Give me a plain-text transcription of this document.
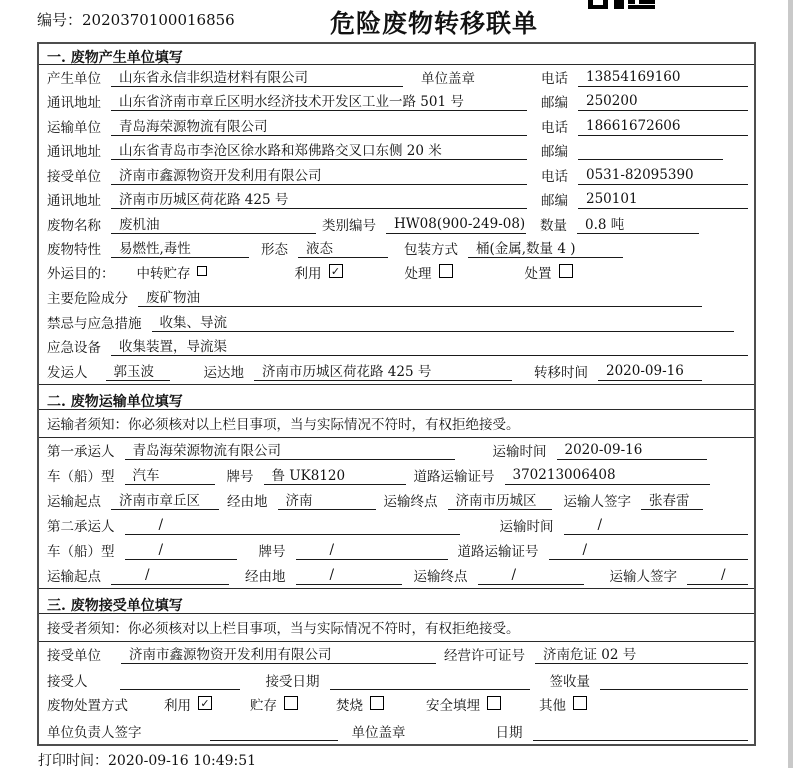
编号：2020370100016856	危险废物转移联单
一. 废物产生单位填写
产生单位	山东省永信非织造材料有限公司	单位盖章	电话	13854169160
通讯地址	山东省济南市章丘区明水经济技术开发区工业一路 501 号	邮编	250200
运输单位	青岛海荣源物流有限公司	电话	18661672606
通讯地址	山东省青岛市李沧区徐水路和郑佛路交叉口东侧 20 米	邮编
接受单位	济南市鑫源物资开发利用有限公司	电话	0531-82095390
通讯地址	济南市历城区荷花路 425 号	邮编	250101
废物名称	废机油	类别编号	HW08(900-249-08) 数量	0.8 吨
废物特性	易燃性,毒性	形态	液态	包装方式	桶(金属,数量 4 )
外运目的： 中转贮存	利用 ✓	处理	处置
主要危险成分	废矿物油
禁忌与应急措施	收集、导流
应急设备	收集装置，导流渠
发运人	郭玉波	运达地	济南市历城区荷花路 425 号	转移时间	2020-09-16
二. 废物运输单位填写
运输者须知：你必须核对以上栏目事项，当与实际情况不符时，有权拒绝接受。
第一承运人	青岛海荣源物流有限公司	运输时间	2020-09-16
车（船）型	汽车	牌号	鲁 UK8120	道路运输证号	370213006408
运输起点	济南市章丘区	经由地	济南	运输终点	济南市历城区	运输人签字	张春雷
第二承运人	/	运输时间	/
车（船）型	/	牌号	/	道路运输证号	/
运输起点	/	经由地	/	运输终点	/	运输人签字	/
三. 废物接受单位填写
接受者须知：你必须核对以上栏目事项，当与实际情况不符时，有权拒绝接受。
接受单位	济南市鑫源物资开发利用有限公司	经营许可证号	济南危证 02 号
接受人	接受日期	签收量
废物处置方式	利用 ✓	贮存	焚烧	安全填埋	其他
单位负责人签字	单位盖章	日期
打印时间：2020-09-16 10:49:51
